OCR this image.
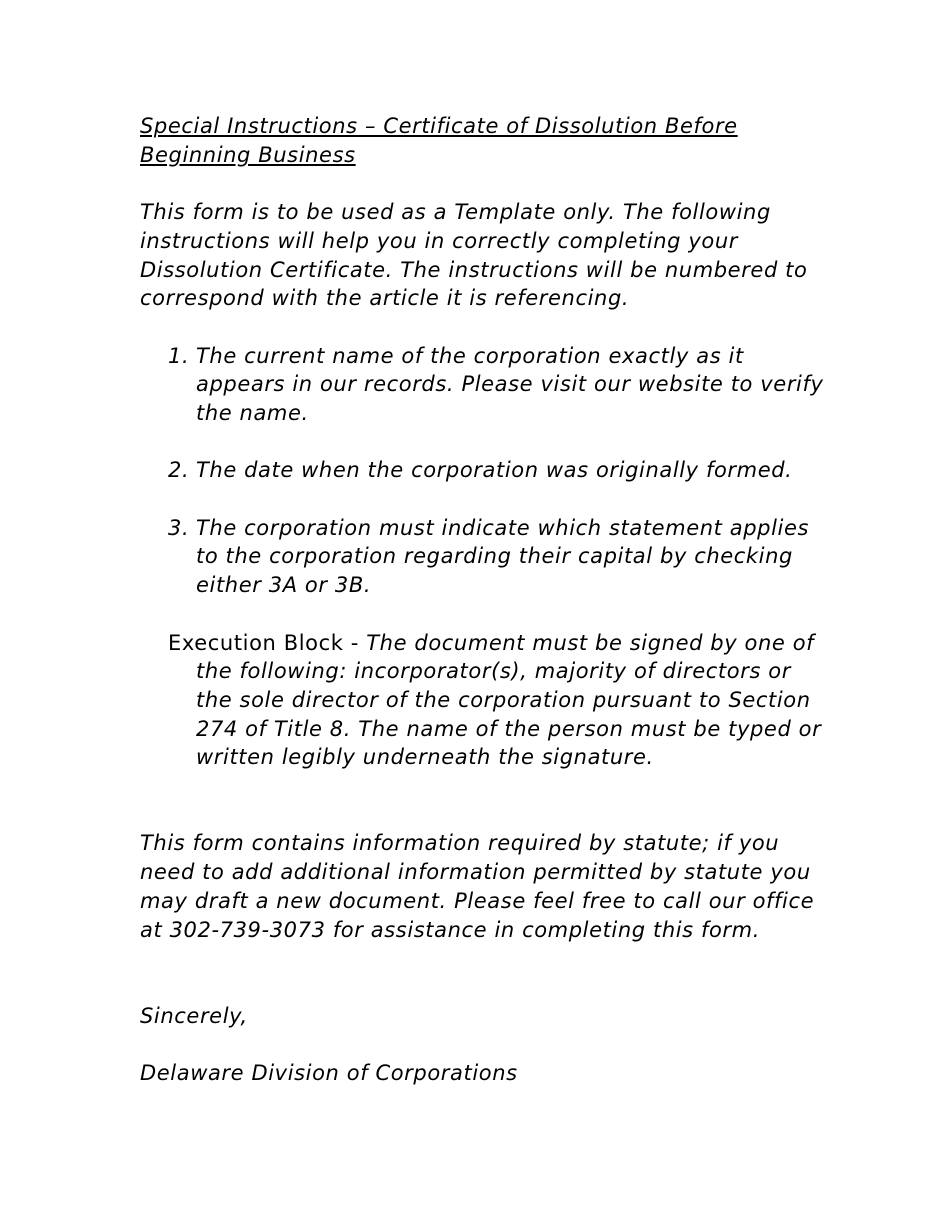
Special Instructions – Certificate of Dissolution Before Beginning Business

This form is to be used as a Template only. The following instructions will help you in correctly completing your Dissolution Certificate. The instructions will be numbered to correspond with the article it is referencing.

1. The current name of the corporation exactly as it appears in our records. Please visit our website to verify the name.
2. The date when the corporation was originally formed.
3. The corporation must indicate which statement applies to the corporation regarding their capital by checking either 3A or 3B.

Execution Block - The document must be signed by one of the following: incorporator(s), majority of directors or the sole director of the corporation pursuant to Section 274 of Title 8. The name of the person must be typed or written legibly underneath the signature.

This form contains information required by statute; if you need to add additional information permitted by statute you may draft a new document. Please feel free to call our office at 302-739-3073 for assistance in completing this form.

Sincerely,

Delaware Division of Corporations
